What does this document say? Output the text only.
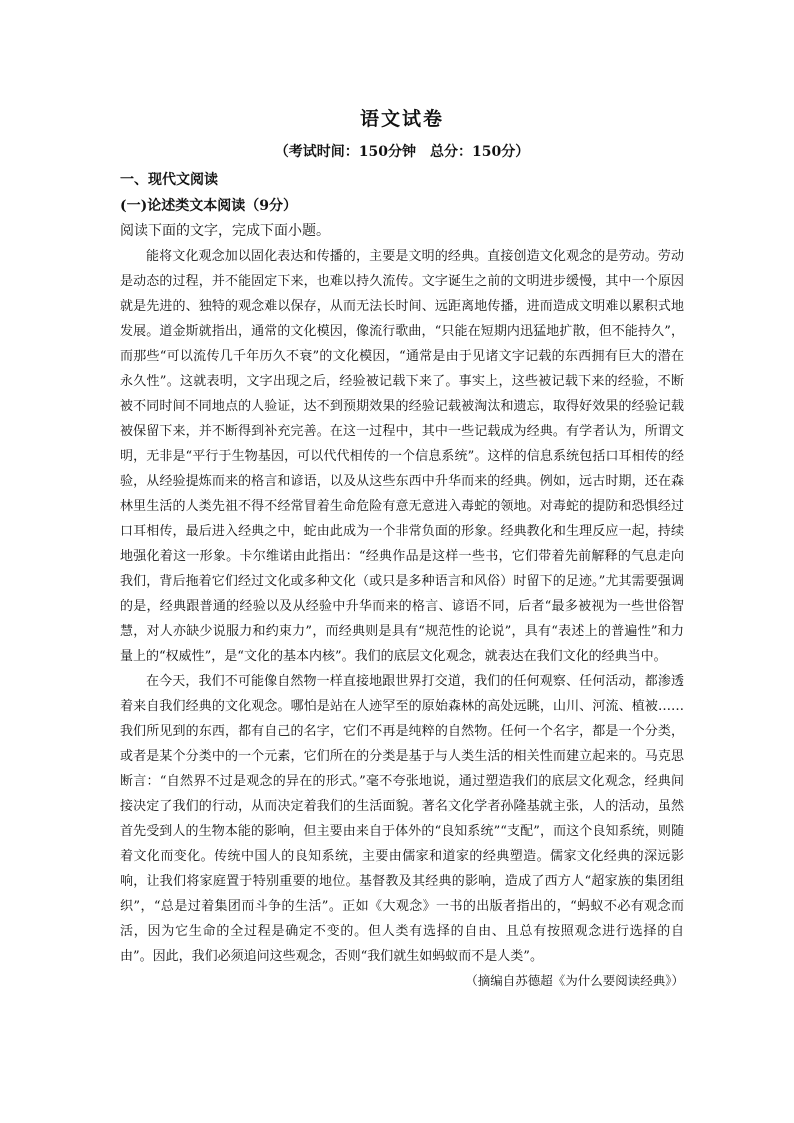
语文试卷
（考试时间：150分钟　总分：150分）
一、现代文阅读
(一)论述类文本阅读（9分）
阅读下面的文字，完成下面小题。

能将文化观念加以固化表达和传播的，主要是文明的经典。直接创造文化观念的是劳动。劳动是动态的过程，并不能固定下来，也难以持久流传。文字诞生之前的文明进步缓慢，其中一个原因就是先进的、独特的观念难以保存，从而无法长时间、远距离地传播，进而造成文明难以累积式地发展。道金斯就指出，通常的文化模因，像流行歌曲，“只能在短期内迅猛地扩散，但不能持久”，而那些“可以流传几千年历久不衰”的文化模因，“通常是由于见诸文字记载的东西拥有巨大的潜在永久性”。这就表明，文字出现之后，经验被记载下来了。事实上，这些被记载下来的经验，不断被不同时间不同地点的人验证，达不到预期效果的经验记载被淘汰和遗忘，取得好效果的经验记载被保留下来，并不断得到补充完善。在这一过程中，其中一些记载成为经典。有学者认为，所谓文明，无非是“平行于生物基因，可以代代相传的一个信息系统”。这样的信息系统包括口耳相传的经验，从经验提炼而来的格言和谚语，以及从这些东西中升华而来的经典。例如，远古时期，还在森林里生活的人类先祖不得不经常冒着生命危险有意无意进入毒蛇的领地。对毒蛇的提防和恐惧经过口耳相传，最后进入经典之中，蛇由此成为一个非常负面的形象。经典教化和生理反应一起，持续地强化着这一形象。卡尔维诺由此指出：“经典作品是这样一些书，它们带着先前解释的气息走向我们，背后拖着它们经过文化或多种文化（或只是多种语言和风俗）时留下的足迹。”尤其需要强调的是，经典跟普通的经验以及从经验中升华而来的格言、谚语不同，后者“最多被视为一些世俗智慧，对人亦缺少说服力和约束力”，而经典则是具有“规范性的论说”，具有“表述上的普遍性”和力量上的“权威性”，是“文化的基本内核”。我们的底层文化观念，就表达在我们文化的经典当中。

在今天，我们不可能像自然物一样直接地跟世界打交道，我们的任何观察、任何活动，都渗透着来自我们经典的文化观念。哪怕是站在人迹罕至的原始森林的高处远眺，山川、河流、植被……我们所见到的东西，都有自己的名字，它们不再是纯粹的自然物。任何一个名字，都是一个分类，或者是某个分类中的一个元素，它们所在的分类是基于与人类生活的相关性而建立起来的。马克思断言：“自然界不过是观念的异在的形式。”毫不夸张地说，通过塑造我们的底层文化观念，经典间接决定了我们的行动，从而决定着我们的生活面貌。著名文化学者孙隆基就主张，人的活动，虽然首先受到人的生物本能的影响，但主要由来自于体外的“良知系统”“支配”，而这个良知系统，则随着文化而变化。传统中国人的良知系统，主要由儒家和道家的经典塑造。儒家文化经典的深远影响，让我们将家庭置于特别重要的地位。基督教及其经典的影响，造成了西方人“超家族的集团组织”，“总是过着集团而斗争的生活”。正如《大观念》一书的出版者指出的，“蚂蚁不必有观念而活，因为它生命的全过程是确定不变的。但人类有选择的自由、且总有按照观念进行选择的自由”。因此，我们必须追问这些观念，否则“我们就生如蚂蚁而不是人类”。

（摘编自苏德超《为什么要阅读经典》）
